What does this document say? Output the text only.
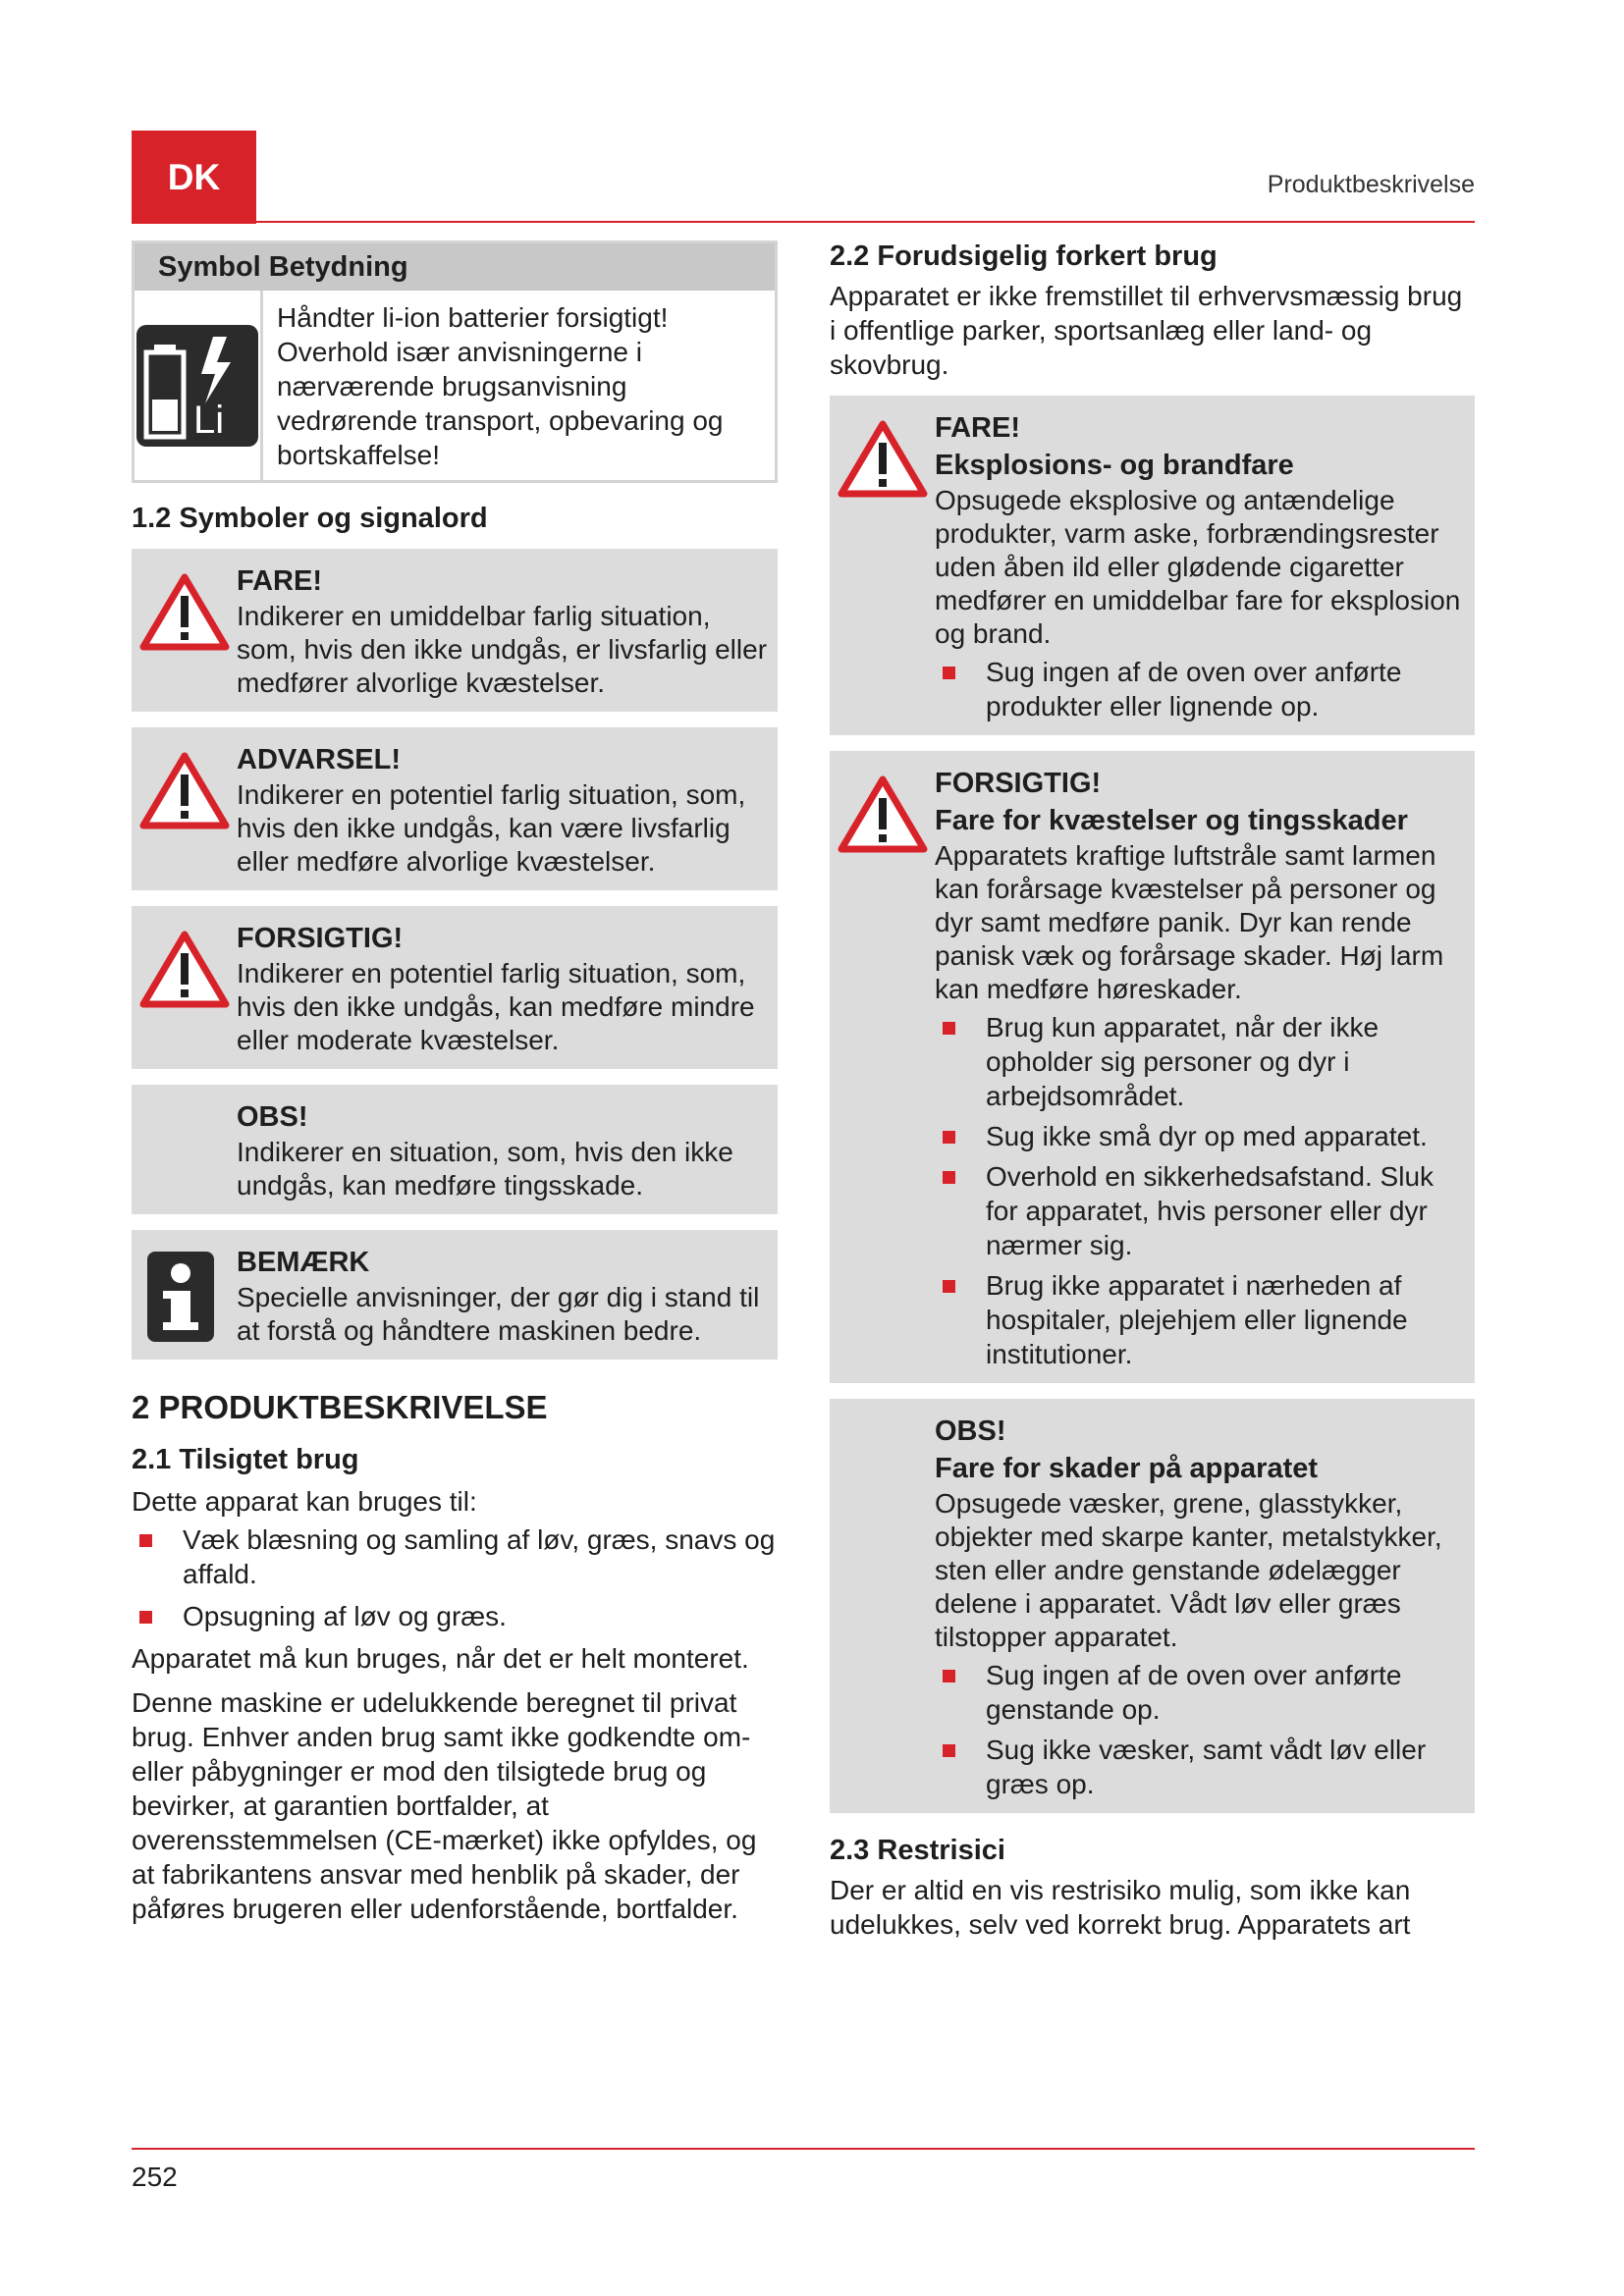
DK	Produktbeskrivelse
Symbol Betydning
Li
Håndter li-ion batterier forsigtigt! Overhold især anvisningerne i nærværende brugsanvisning vedrørende transport, opbevaring og bortskaffelse!
1.2 Symboler og signalord
FARE!
Indikerer en umiddelbar farlig situation, som, hvis den ikke undgås, er livsfarlig eller medfører alvorlige kvæstelser.
ADVARSEL!
Indikerer en potentiel farlig situation, som, hvis den ikke undgås, kan være livsfarlig eller medføre alvorlige kvæstelser.
FORSIGTIG!
Indikerer en potentiel farlig situation, som, hvis den ikke undgås, kan medføre mindre eller moderate kvæstelser.
OBS!
Indikerer en situation, som, hvis den ikke undgås, kan medføre tingsskade.
BEMÆRK
Specielle anvisninger, der gør dig i stand til at forstå og håndtere maskinen bedre.
2 PRODUKTBESKRIVELSE
2.1 Tilsigtet brug

Dette apparat kan bruges til:

Væk blæsning og samling af løv, græs, snavs og affald.
Opsugning af løv og græs.

Apparatet må kun bruges, når det er helt monteret.

Denne maskine er udelukkende beregnet til privat brug. Enhver anden brug samt ikke godkendte om- eller påbygninger er mod den tilsigtede brug og bevirker, at garantien bortfalder, at overensstemmelsen (CE-mærket) ikke opfyldes, og at fabrikantens ansvar med henblik på skader, der påføres brugeren eller udenforstående, bortfalder.

2.2 Forudsigelig forkert brug

Apparatet er ikke fremstillet til erhvervsmæssig brug i offentlige parker, sportsanlæg eller land- og skovbrug.

FARE!
Eksplosions- og brandfare
Opsugede eksplosive og antændelige produkter, varm aske, forbrændingsrester uden åben ild eller glødende cigaretter medfører en umiddelbar fare for eksplosion og brand.
Sug ingen af de oven over anførte produkter eller lignende op.
FORSIGTIG!
Fare for kvæstelser og tingsskader
Apparatets kraftige luftstråle samt larmen kan forårsage kvæstelser på personer og dyr samt medføre panik. Dyr kan rende panisk væk og forårsage skader. Høj larm kan medføre høreskader.
Brug kun apparatet, når der ikke opholder sig personer og dyr i arbejdsområdet.
Sug ikke små dyr op med apparatet.
Overhold en sikkerhedsafstand. Sluk for apparatet, hvis personer eller dyr nærmer sig.
Brug ikke apparatet i nærheden af hospitaler, plejehjem eller lignende institutioner.
OBS!
Fare for skader på apparatet
Opsugede væsker, grene, glasstykker, objekter med skarpe kanter, metalstykker, sten eller andre genstande ødelægger delene i apparatet. Vådt løv eller græs tilstopper apparatet.
Sug ingen af de oven over anførte genstande op.
Sug ikke væsker, samt vådt løv eller græs op.
2.3 Restrisici

Der er altid en vis restrisiko mulig, som ikke kan udelukkes, selv ved korrekt brug. Apparatets art

252
